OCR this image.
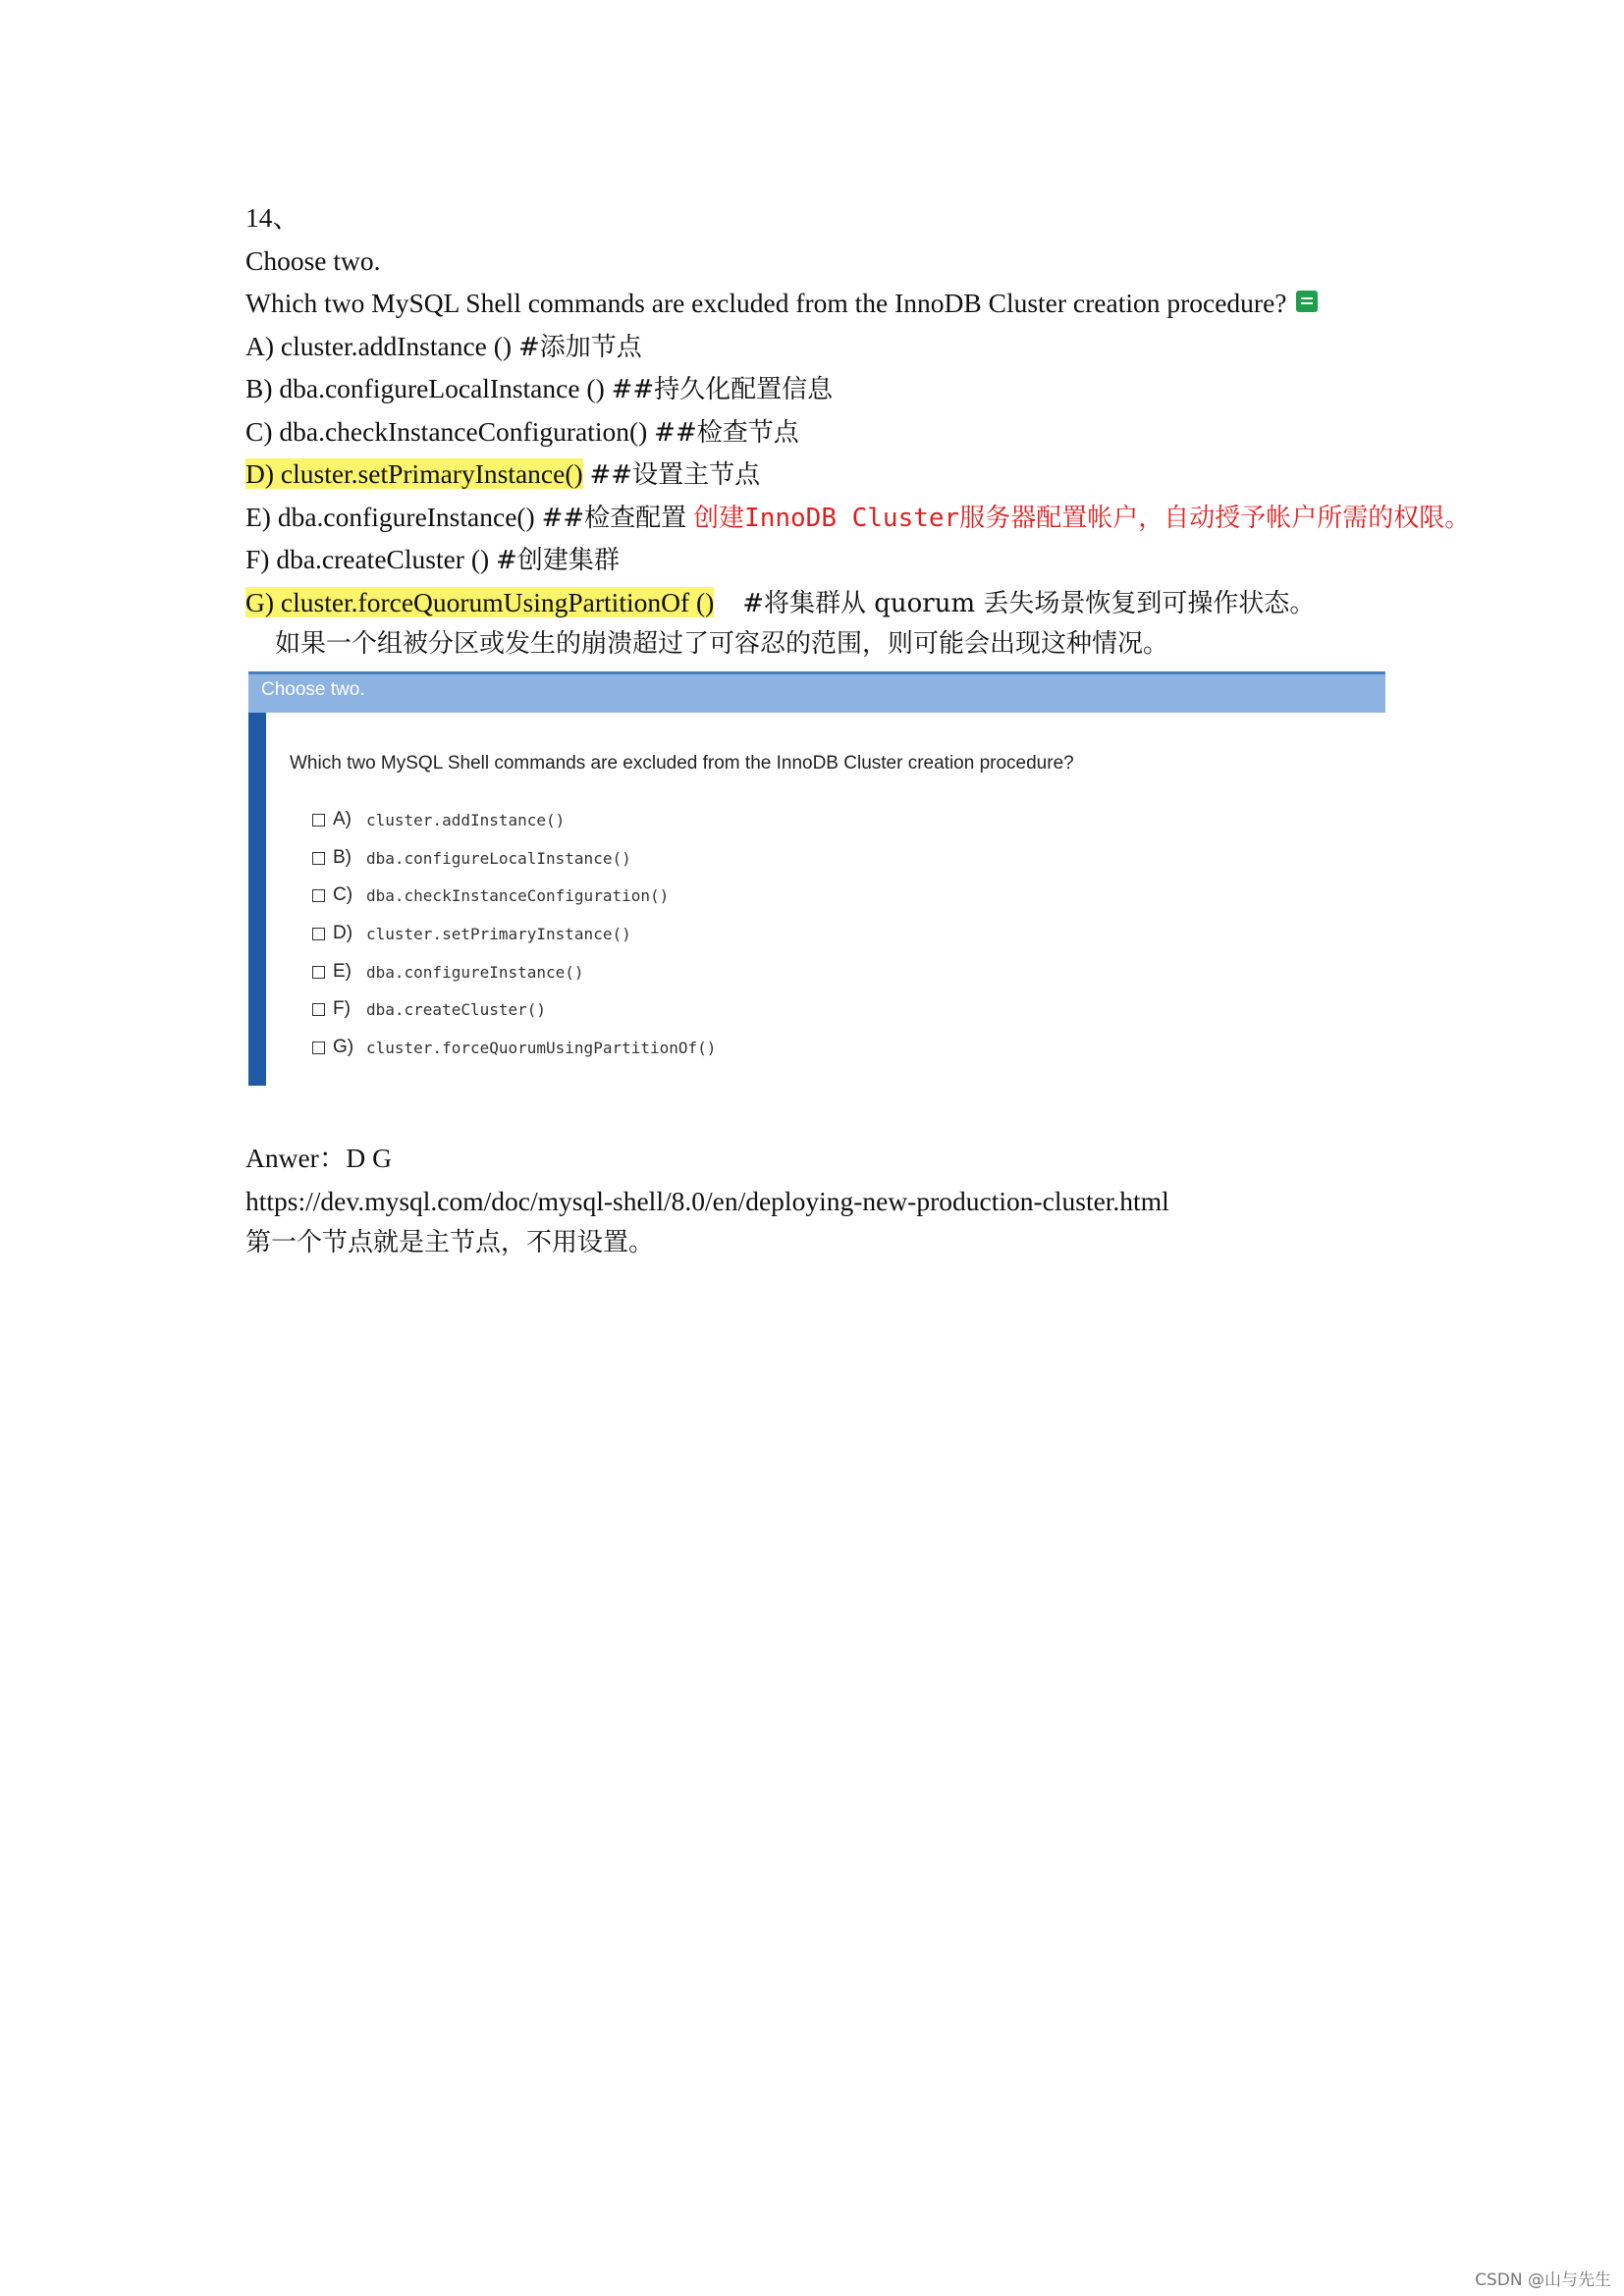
14、
Choose two.
Which two MySQL Shell commands are excluded from the InnoDB Cluster creation procedure?
A) cluster.addInstance () #添加节点
B) dba.configureLocalInstance () ##持久化配置信息
C) dba.checkInstanceConfiguration() ##检查节点
D) cluster.setPrimaryInstance() ##设置主节点
E) dba.configureInstance() ##检查配置 创建InnoDB Cluster服务器配置帐户，自动授予帐户所需的权限。
F) dba.createCluster () #创建集群
G) cluster.forceQuorumUsingPartitionOf () #将集群从 quorum 丢失场景恢复到可操作状态。
如果一个组被分区或发生的崩溃超过了可容忍的范围，则可能会出现这种情况。
Choose two.
Which two MySQL Shell commands are excluded from the InnoDB Cluster creation procedure?
A) cluster.addInstance()
B) dba.configureLocalInstance()
C) dba.checkInstanceConfiguration()
D) cluster.setPrimaryInstance()
E) dba.configureInstance()
F)	dba.createCluster()
G) cluster.forceQuorumUsingPartitionOf()
Anwer：D G
https://dev.mysql.com/doc/mysql-shell/8.0/en/deploying-new-production-cluster.html
第一个节点就是主节点，不用设置。
CSDN @山与先生
